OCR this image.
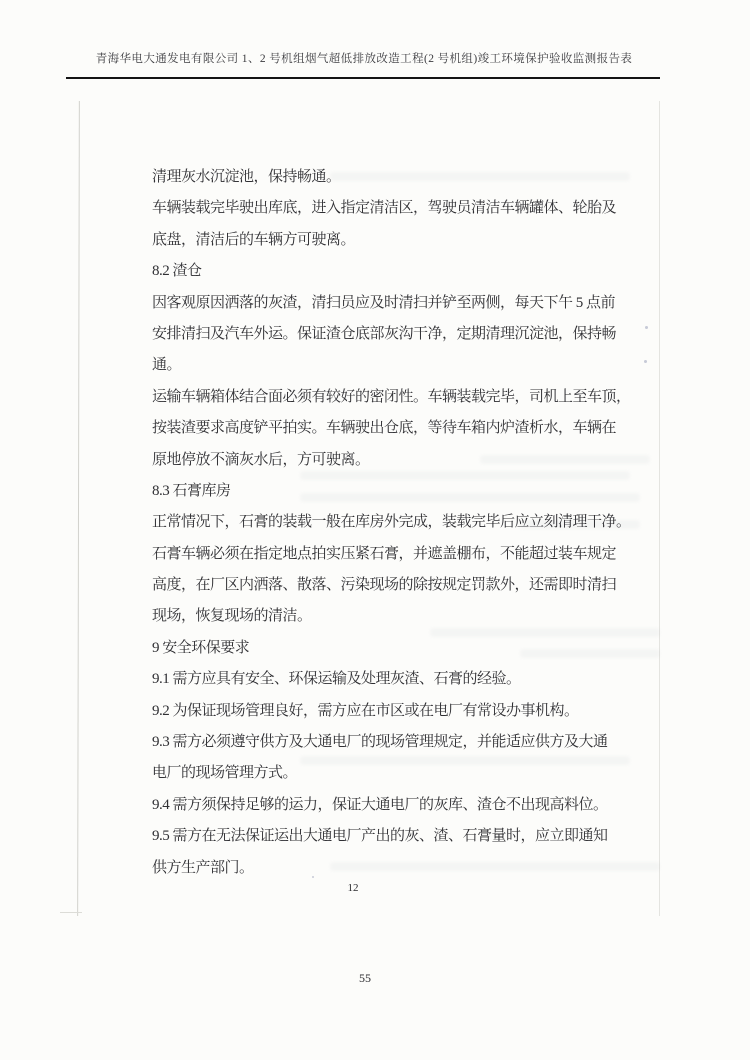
青海华电大通发电有限公司 1、2 号机组烟气超低排放改造工程(2 号机组)竣工环境保护验收监测报告表
清理灰水沉淀池，保持畅通。
车辆装载完毕驶出库底，进入指定清洁区，驾驶员清洁车辆罐体、轮胎及
底盘，清洁后的车辆方可驶离。
8.2 渣仓
因客观原因洒落的灰渣，清扫员应及时清扫并铲至两侧，每天下午 5 点前
安排清扫及汽车外运。保证渣仓底部灰沟干净，定期清理沉淀池，保持畅
通。
运输车辆箱体结合面必须有较好的密闭性。车辆装载完毕，司机上至车顶，
按装渣要求高度铲平拍实。车辆驶出仓底，等待车箱内炉渣析水，车辆在
原地停放不滴灰水后，方可驶离。
8.3 石膏库房
正常情况下，石膏的装载一般在库房外完成，装载完毕后应立刻清理干净。
石膏车辆必须在指定地点拍实压紧石膏，并遮盖棚布，不能超过装车规定
高度，在厂区内洒落、散落、污染现场的除按规定罚款外，还需即时清扫
现场，恢复现场的清洁。
9 安全环保要求
9.1 需方应具有安全、环保运输及处理灰渣、石膏的经验。
9.2 为保证现场管理良好，需方应在市区或在电厂有常设办事机构。
9.3 需方必须遵守供方及大通电厂的现场管理规定，并能适应供方及大通
电厂的现场管理方式。
9.4 需方须保持足够的运力，保证大通电厂的灰库、渣仓不出现高料位。
9.5 需方在无法保证运出大通电厂产出的灰、渣、石膏量时，应立即通知
供方生产部门。
12
55
